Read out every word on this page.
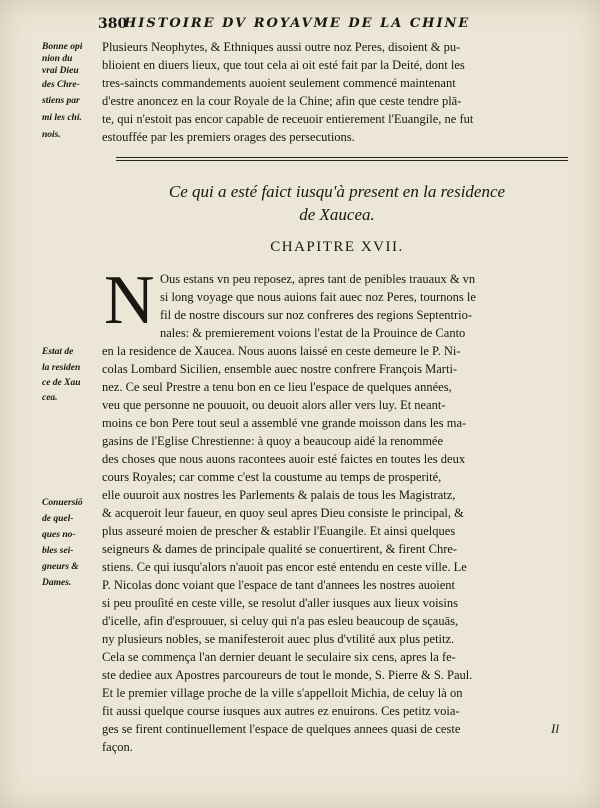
380
HISTOIRE DV ROYAVME DE LA CHINE
Bonne opi
nion du
vrai Dieu
des Chre-
stiens par
mi les chi.
nois.
Plusieurs Neophytes, & Ethniques aussi outre noz Peres, disoient & pu-
blioient en diuers lieux, que tout cela ai oit esté fait par la Deité, dont les
tres-saincts commandements auoient seulement commencé maintenant
d'estre anoncez en la cour Royale de la Chine; afin que ceste tendre plā-
te, qui n'estoit pas encor capable de receuoir entierement l'Euangile, ne fut
estouffée par les premiers orages des persecutions.
Ce qui a esté faict iusqu'à present en la residence
de Xaucea.
CHAPITRE XVII.
N Ous estans vn peu reposez, apres tant de penibles trauaux & vn
si long voyage que nous auions fait auec noz Peres, tournons le
fil de nostre discours sur noz confreres des regions Septentrio-
nales: & premierement voions l'estat de la Prouince de Canto
en la residence de Xaucea. Nous auons laissé en ceste demeure le P. Ni-
colas Lombard Sicilien, ensemble auec nostre confrere François Marti-
nez. Ce seul Prestre a tenu bon en ce lieu l'espace de quelques années,
veu que personne ne pouuoit, ou deuoit alors aller vers luy. Et neant-
moins ce bon Pere tout seul a assemblé vne grande moisson dans les ma-
gasins de l'Eglise Chrestienne: à quoy a beaucoup aidé la renommée
des choses que nous auons racontees auoir esté faictes en toutes les deux
cours Royales; car comme c'est la coustume au temps de prosperité,
elle ouuroit aux nostres les Parlements & palais de tous les Magistratz,
& acqueroit leur faueur, en quoy seul apres Dieu consiste le principal, &
plus asseuré moien de prescher & establir l'Euangile. Et ainsi quelques
seigneurs & dames de principale qualité se conuertirent, & firent Chre-
stiens. Ce qui iusqu'alors n'auoit pas encor esté entendu en ceste ville. Le
P. Nicolas donc voiant que l'espace de tant d'annees les nostres auoient
si peu prouſité en ceste ville, se resolut d'aller iusques aux lieux voisins
d'icelle, afin d'esprouuer, si celuy qui n'a pas esleu beaucoup de sçauās,
ny plusieurs nobles, se manifesteroit auec plus d'vtilité aux plus petitz.
Cela se commença l'an dernier deuant le seculaire six cens, apres la fe-
ste dediee aux Apostres parcoureurs de tout le monde, S. Pierre & S. Paul.
Et le premier village proche de la ville s'appelloit Michia, de celuy là on
fit aussi quelque course iusques aux autres ez enuirons. Ces petitz voia-
ges se firent continuellement l'espace de quelques annees quasi de ceste
façon.
Estat de
la residen
ce de Xau
cea.
Conuersiō
de quel-
ques no-
bles sei-
gneurs &
Dames.
Il
